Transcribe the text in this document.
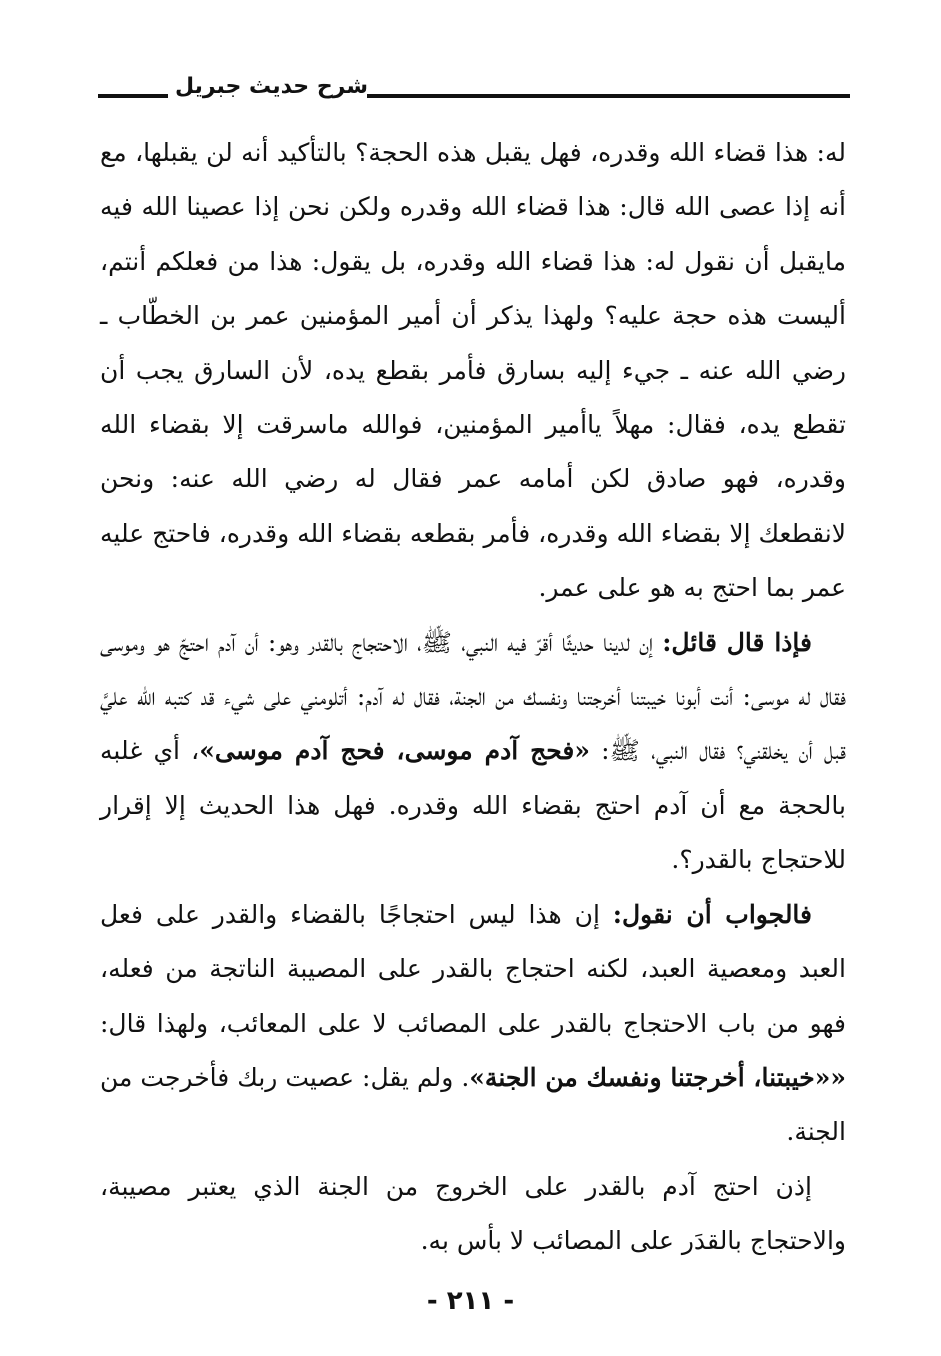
شرح حديث جبريل

له: هذا قضاء الله وقدره، فهل يقبل هذه الحجة؟ بالتأكيد أنه لن يقبلها، مع أنه إذا عصى الله قال: هذا قضاء الله وقدره ولكن نحن إذا عصينا الله فيه مايقبل أن نقول له: هذا قضاء الله وقدره، بل يقول: هذا من فعلكم أنتم، أليست هذه حجة عليه؟ ولهذا يذكر أن أمير المؤمنين عمر بن الخطّاب ـ رضي الله عنه ـ جيء إليه بسارق فأمر بقطع يده، لأن السارق يجب أن تقطع يده، فقال: مهلاً ياأمير المؤمنين، فوالله ماسرقت إلا بقضاء الله وقدره، فهو صادق لكن أمامه عمر فقال له رضي الله عنه: ونحن لانقطعك إلا بقضاء الله وقدره، فأمر بقطعه بقضاء الله وقدره، فاحتج عليه عمر بما احتج به هو على عمر.

فإذا قال قائل: إن لدينا حديثًا أقرّ فيه النبي، ﷺ، الاحتجاج بالقدر وهو: أن آدم احتجّ هو وموسى فقال له موسى: أنت أبونا خيبتنا أخرجتنا ونفسك من الجنة، فقال له آدم: أتلومني على شيء قد كتبه الله عليَّ قبل أن يخلقني؟ فقال النبي، ﷺ: «فحج آدم موسى، فحج آدم موسى»، أي غلبه بالحجة مع أن آدم احتج بقضاء الله وقدره. فهل هذا الحديث إلا إقرار للاحتجاج بالقدر؟.

فالجواب أن نقول: إن هذا ليس احتجاجًا بالقضاء والقدر على فعل العبد ومعصية العبد، لكنه احتجاج بالقدر على المصيبة الناتجة من فعله، فهو من باب الاحتجاج بالقدر على المصائب لا على المعائب، ولهذا قال: ««خيبتنا، أخرجتنا ونفسك من الجنة». ولم يقل: عصيت ربك فأخرجت من الجنة.

إذن احتج آدم بالقدر على الخروج من الجنة الذي يعتبر مصيبة، والاحتجاج بالقدَر على المصائب لا بأس به.

- ٢١١ -
